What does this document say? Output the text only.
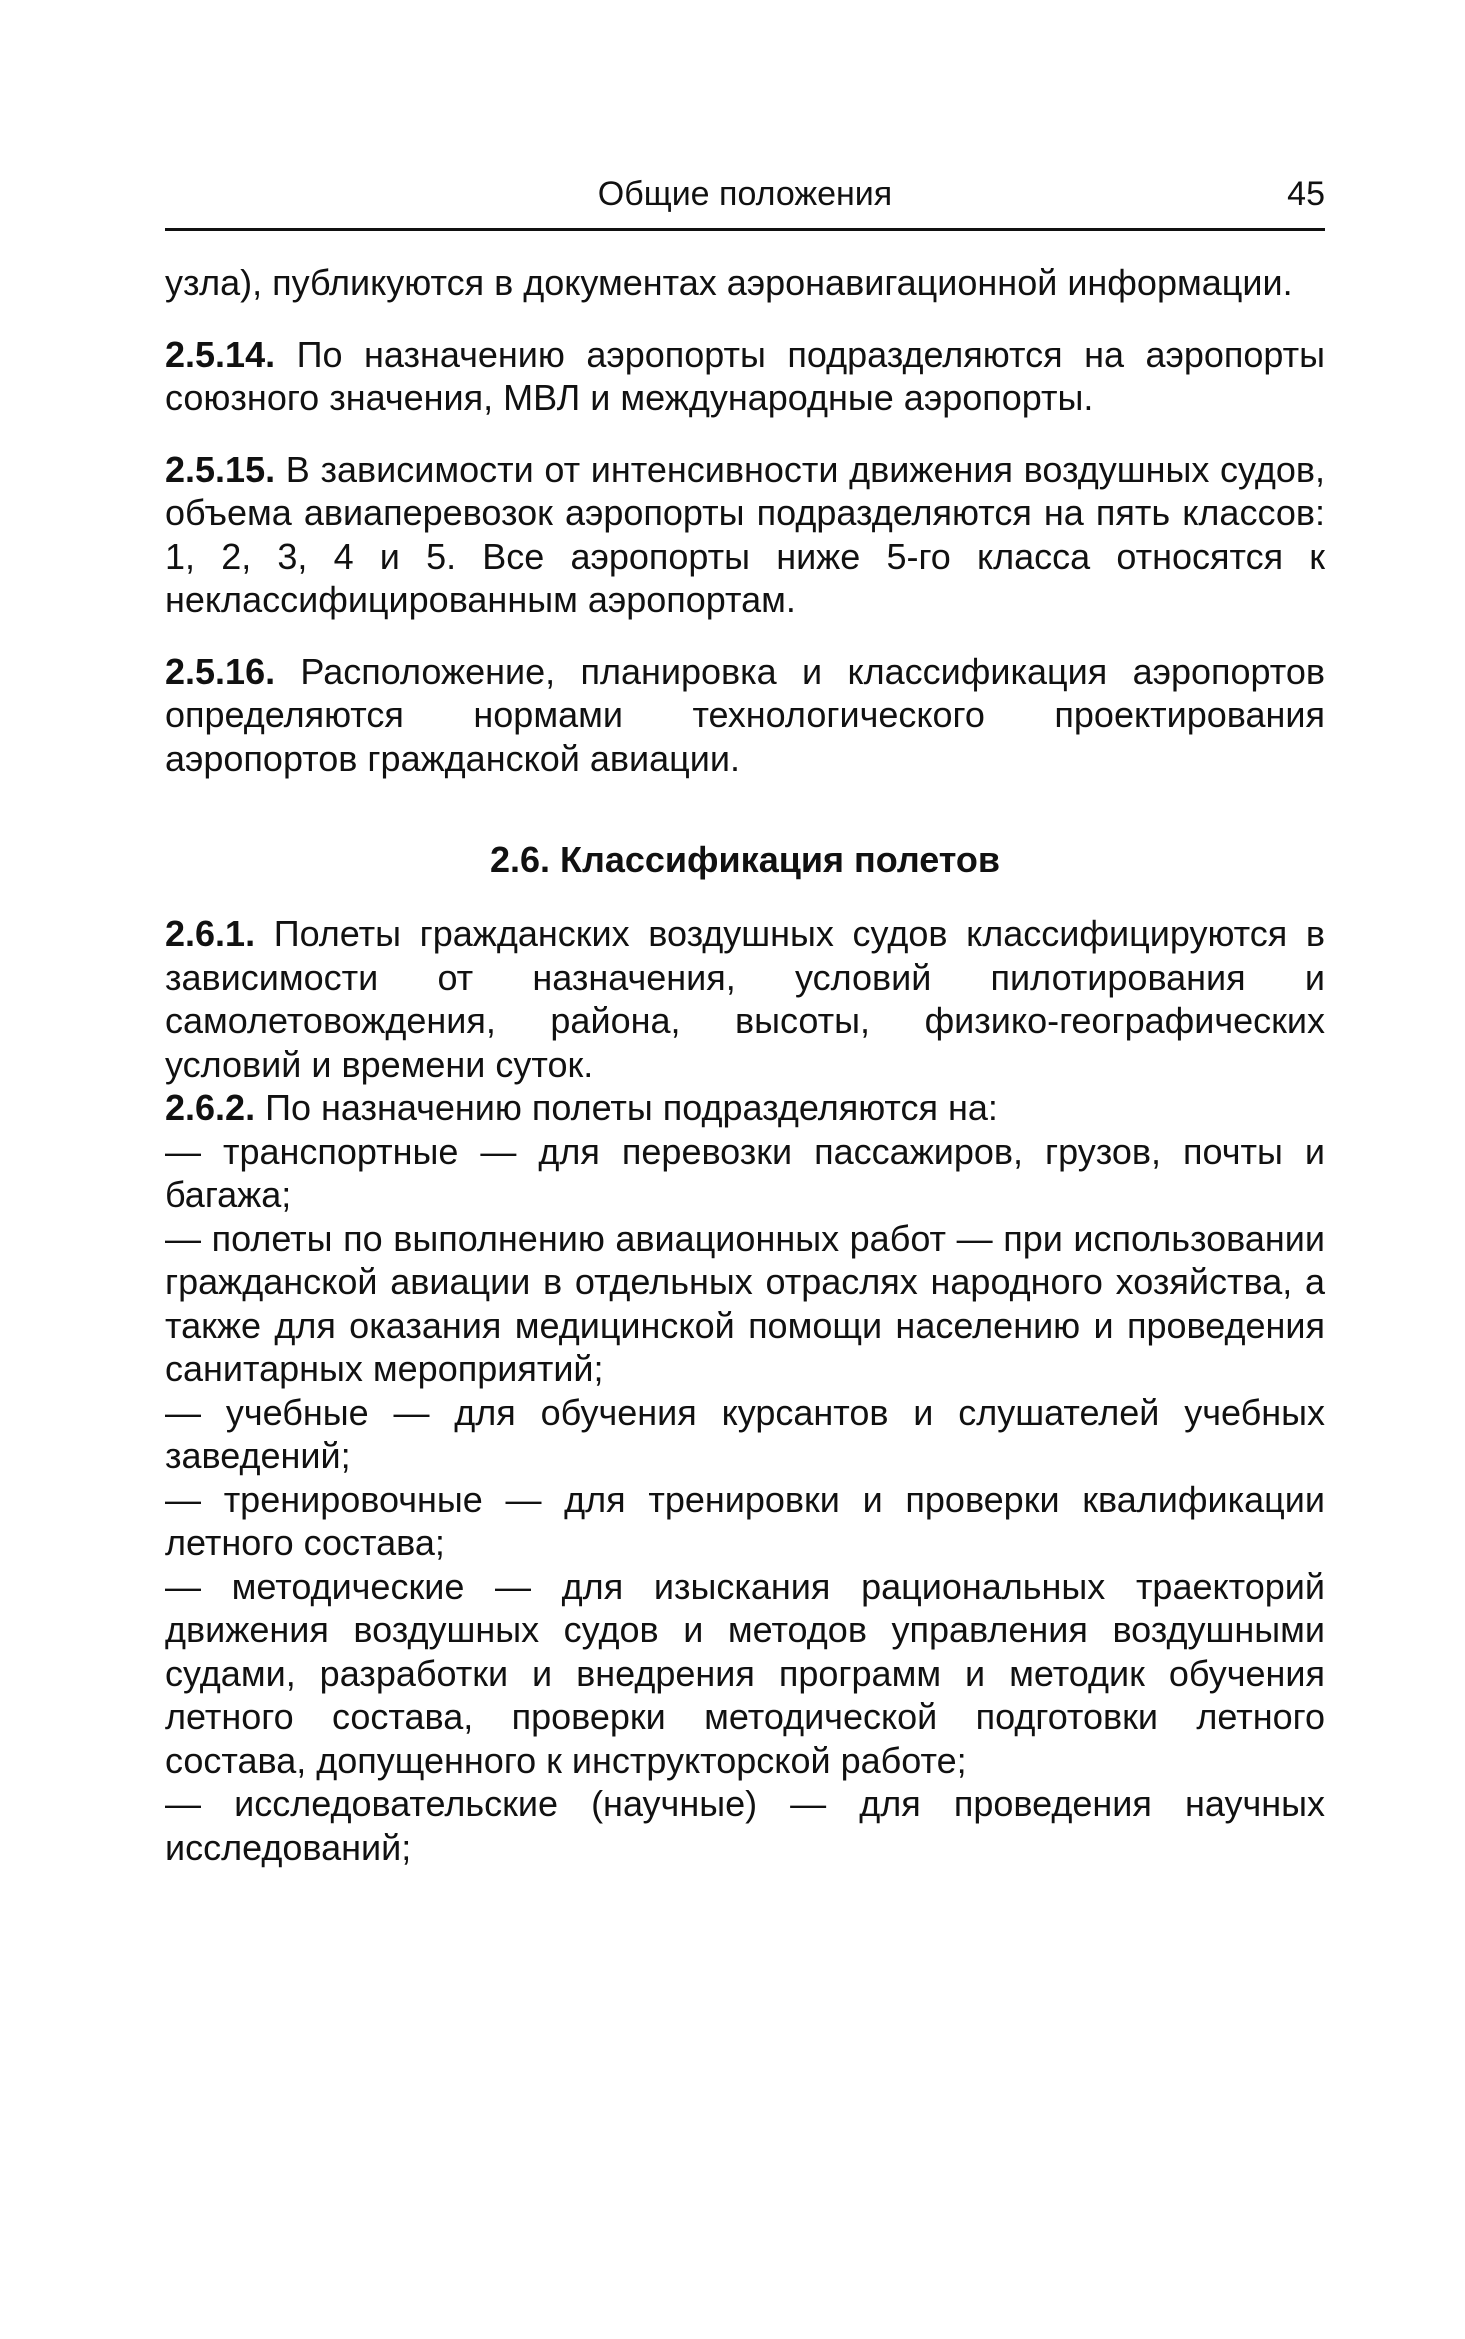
Общие положения	45

узла), публикуются в документах аэронавигационной информации.

2.5.14. По назначению аэропорты подразделяются на аэропорты союзного значения, МВЛ и международные аэропорты.

2.5.15. В зависимости от интенсивности движения воздушных судов, объема авиаперевозок аэропорты подразделяются на пять классов: 1, 2, 3, 4 и 5. Все аэропорты ниже 5-го класса относятся к неклассифицированным аэропортам.

2.5.16. Расположение, планировка и классификация аэропортов определяются нормами технологического проектирования аэропортов гражданской авиации.

2.6. Классификация полетов

2.6.1. Полеты гражданских воздушных судов классифицируются в зависимости от назначения, условий пилотирования и самолетовождения, района, высоты, физико-географических условий и времени суток.

2.6.2. По назначению полеты подразделяются на:

— транспортные — для перевозки пассажиров, грузов, почты и багажа;

— полеты по выполнению авиационных работ — при использовании гражданской авиации в отдельных отраслях народного хозяйства, а также для оказания медицинской помощи населению и проведения санитарных мероприятий;

— учебные — для обучения курсантов и слушателей учебных заведений;

— тренировочные — для тренировки и проверки квалификации летного состава;

— методические — для изыскания рациональных траекторий движения воздушных судов и методов управления воздушными судами, разработки и внедрения программ и методик обучения летного состава, проверки методической подготовки летного состава, допущенного к инструкторской работе;

— исследовательские (научные) — для проведения научных исследований;
